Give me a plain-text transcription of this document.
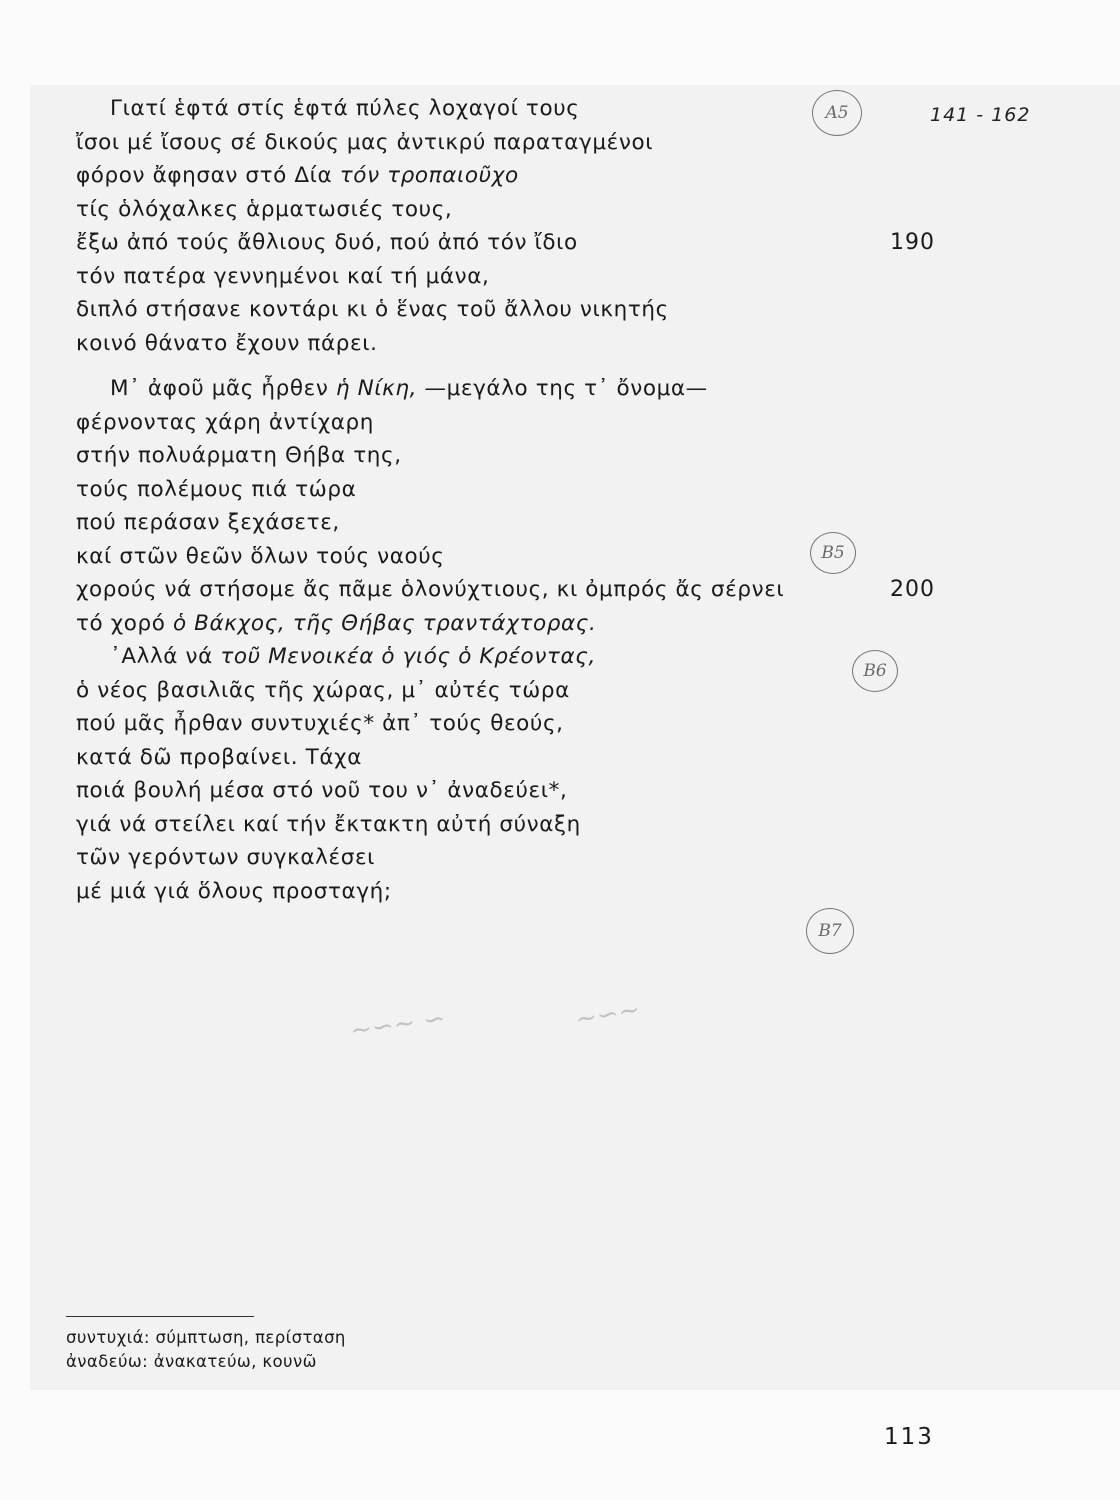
141 - 162
Γιατί ἑφτά στίς ἑφτά πύλες λοχαγοί τους
ἴσοι μέ ἴσους σέ δικούς μας ἀντικρύ παραταγμένοι
φόρον ἄφησαν στό Δία τόν τροπαιοῦχο
τίς ὁλόχαλκες ἁρματωσιές τους,
ἔξω ἀπό τούς ἄθλιους δυό, πού ἀπό τόν ἴδιο	190
τόν πατέρα γεννημένοι καί τή μάνα,
διπλό στήσανε κοντάρι κι ὁ ἕνας τοῦ ἄλλου νικητής
κοινό θάνατο ἔχουν πάρει.
Μ᾿ ἀφοῦ μᾶς ἦρθεν ἡ Νίκη, —μεγάλο της τ᾿ ὄνομα—
φέρνοντας χάρη ἀντίχαρη
στήν πολυάρματη Θήβα της,
τούς πολέμους πιά τώρα
πού περάσαν ξεχάσετε,
καί στῶν θεῶν ὅλων τούς ναούς
χορούς νά στήσομε ἄς πᾶμε ὁλονύχτιους, κι ὀμπρός ἄς σέρνει	200
τό χορό ὁ Βάκχος, τῆς Θήβας τραντάχτορας.
᾿Αλλά νά τοῦ Μενοικέα ὁ γιός ὁ Κρέοντας,
ὁ νέος βασιλιᾶς τῆς χώρας, μ᾿ αὐτές τώρα
πού μᾶς ἦρθαν συντυχιές* ἀπ᾿ τούς θεούς,
κατά δῶ προβαίνει. Τάχα
ποιά βουλή μέσα στό νοῦ του ν᾿ ἀναδεύει*,
γιά νά στείλει καί τήν ἔκτακτη αὐτή σύναξη
τῶν γερόντων συγκαλέσει
μέ μιά γιά ὅλους προσταγή;
A5
B5
B6
B7
∼∽∼ ∽	∼∽∼
συντυχιά: σύμπτωση, περίσταση
ἀναδεύω: ἀνακατεύω, κουνῶ
113
